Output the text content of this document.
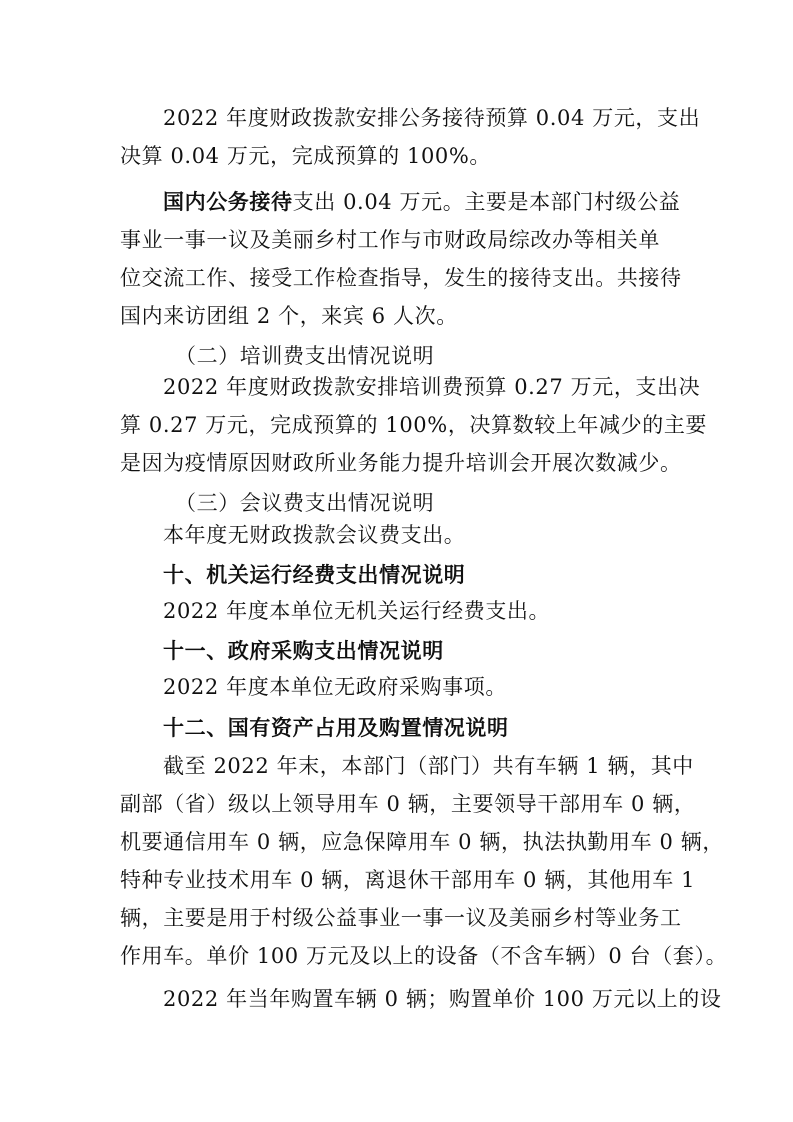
2022 年度财政拨款安排公务接待预算 0.04 万元，支出
决算 0.04 万元，完成预算的 100%。
国内公务接待支出 0.04 万元。主要是本部门村级公益
事业一事一议及美丽乡村工作与市财政局综改办等相关单
位交流工作、接受工作检查指导，发生的接待支出。共接待
国内来访团组 2 个，来宾 6 人次。
（二）培训费支出情况说明
2022 年度财政拨款安排培训费预算 0.27 万元，支出决
算 0.27 万元，完成预算的 100%，决算数较上年减少的主要
是因为疫情原因财政所业务能力提升培训会开展次数减少。
（三）会议费支出情况说明
本年度无财政拨款会议费支出。
十、机关运行经费支出情况说明
2022 年度本单位无机关运行经费支出。
十一、政府采购支出情况说明
2022 年度本单位无政府采购事项。
十二、国有资产占用及购置情况说明
截至 2022 年末，本部门（部门）共有车辆 1 辆，其中
副部（省）级以上领导用车 0 辆，主要领导干部用车 0 辆，
机要通信用车 0 辆，应急保障用车 0 辆，执法执勤用车 0 辆，
特种专业技术用车 0 辆，离退休干部用车 0 辆，其他用车 1
辆，主要是用于村级公益事业一事一议及美丽乡村等业务工
作用车。单价 100 万元及以上的设备（不含车辆）0 台（套）。
2022 年当年购置车辆 0 辆；购置单价 100 万元以上的设
